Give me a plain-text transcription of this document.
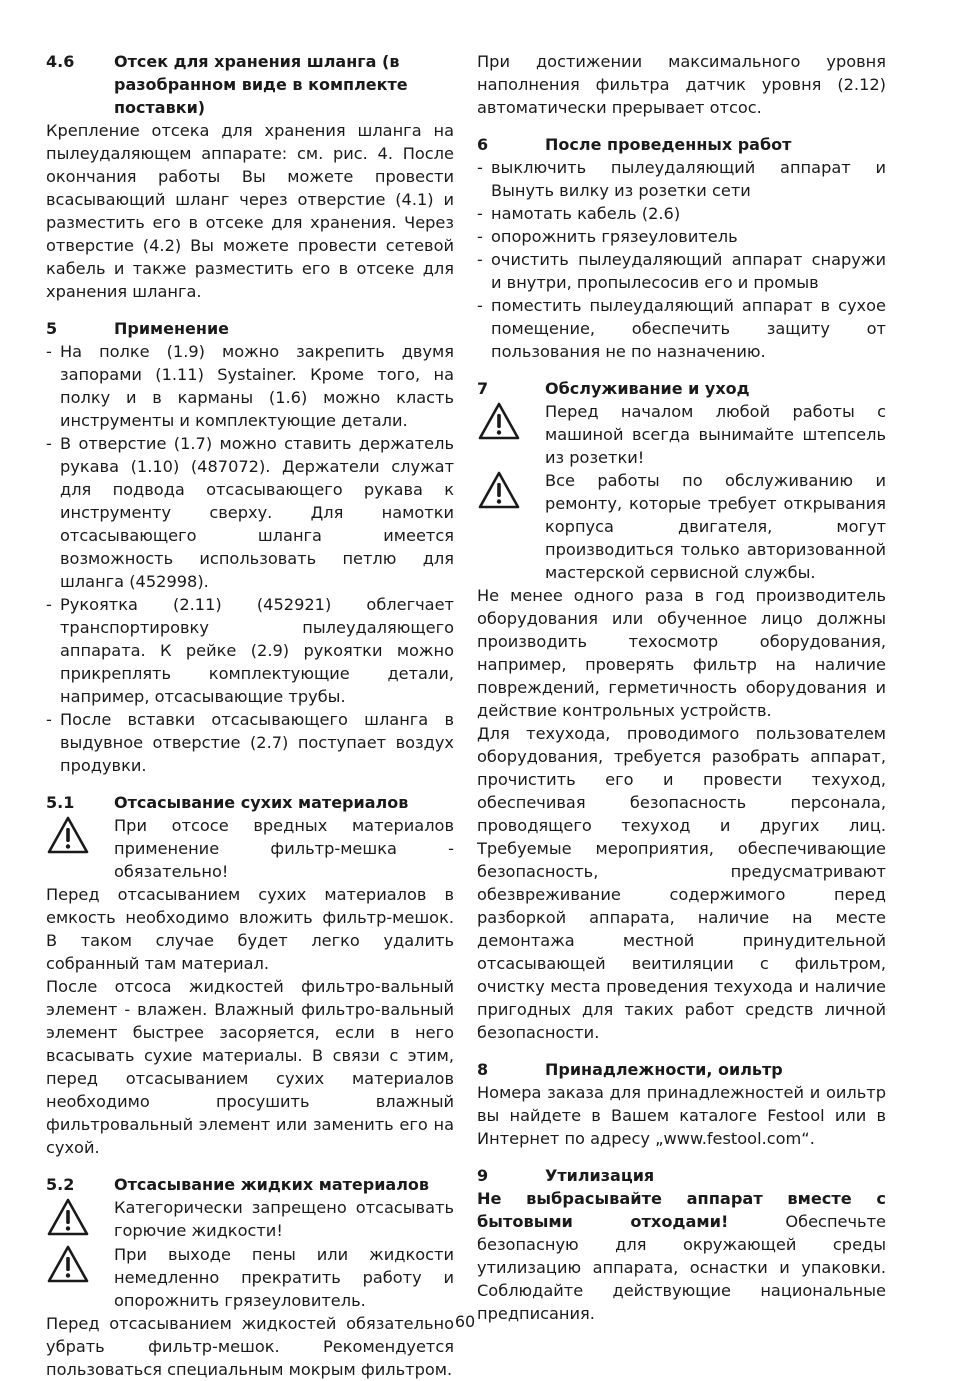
4.6	Отсек для хранения шланга (в разобранном виде в комплекте поставки)

Крепление отсека для хранения шланга на пылеудаляющем аппарате: см. рис. 4. После окончания работы Вы можете провести всасывающий шланг через отверстие (4.1) и разместить его в отсеке для хранения. Через отверстие (4.2) Вы можете провести сетевой кабель и также разместить его в отсеке для хранения шланга.

5	Применение
- На полке (1.9) можно закрепить двумя запорами (1.11) Systainer. Кроме того, на полку и в карманы (1.6) можно класть инструменты и комплектующие детали.
- В отверстие (1.7) можно ставить держатель рукава (1.10) (487072). Держатели служат для подвода отсасывающего рукава к инструменту сверху. Для намотки отсасывающего шланга имеется возможность использовать петлю для шланга (452998).
- Рукоятка (2.11) (452921) облегчает транспортировку пылеудаляющего аппарата. К рейке (2.9) рукоятки можно прикреплять комплектующие детали, например, отсасывающие трубы.
- После вставки отсасывающего шланга в выдувное отверстие (2.7) поступает воздух продувки.
5.1	Отсасывание сухих материалов
При отсосе вредных материалов применение фильтр-мешка - обязательно!

Перед отсасыванием сухих материалов в емкость необходимо вложить фильтр-мешок. В таком случае будет легко удалить собранный там материал.

После отсоса жидкостей фильтро-вальный элемент - влажен. Влажный фильтро-вальный элемент быстрее засоряется, если в него всасывать сухие материалы. В связи с этим, перед отсасыванием сухих материалов необходимо просушить влажный фильтровальный элемент или заменить его на сухой.

5.2	Отсасывание жидких материалов
Категорически запрещено отсасывать горючие жидкости!
При выходе пены или жидкости немедленно прекратить работу и опорожнить грязеуловитель.

Перед отсасыванием жидкостей обязательно убрать фильтр-мешок. Рекомендуется пользоваться специальным мокрым фильтром.

При достижении максимального уровня наполнения фильтра датчик уровня (2.12) автоматически прерывает отсос.

6	После проведенных работ
- выключить пылеудаляющий аппарат и Вынуть вилку из розетки сети
- намотать кабель (2.6)
- опорожнить грязеуловитель
- очистить пылеудаляющий аппарат снаружи и внутри, пропылесосив его и промыв
- поместить пылеудаляющий аппарат в сухое помещение, обеспечить защиту от пользования не по назначению.
7	Обслуживание и уход
Перед началом любой работы с машиной всегда вынимайте штепсель из розетки!
Все работы по обслуживанию и ремонту, которые требует открывания корпуса двигателя, могут производиться только авторизованной мастерской сервисной службы.

Не менее одного раза в год производитель оборудования или обученное лицо должны производить техосмотр оборудования, например, проверять фильтр на наличие повреждений, герметичность оборудования и действие контрольных устройств.

Для техухода, проводимого пользователем оборудования, требуется разобрать аппарат, прочистить его и провести техуход, обеспечивая безопасность персонала, проводящего техуход и других лиц. Требуемые мероприятия, обеспечивающие безопасность, предусматривают обезвреживание содержимого перед разборкой аппарата, наличие на месте демонтажа местной принудительной отсасывающей веитиляции с фильтром, очистку места проведения техухода и наличие пригодных для таких работ средств личной безопасности.

8	Принадлежности, оильтр

Номера заказа для принадлежностей и оильтр вы найдете в Вашем каталоге Festool или в Интернет по адресу „www.festool.com“.

9	Утилизация

Не выбрасывайте аппарат вместе с бытовыми отходами! Обеспечьте безопасную для окружающей среды утилизацию аппарата, оснастки и упаковки. Соблюдайте действующие национальные предписания.

60
